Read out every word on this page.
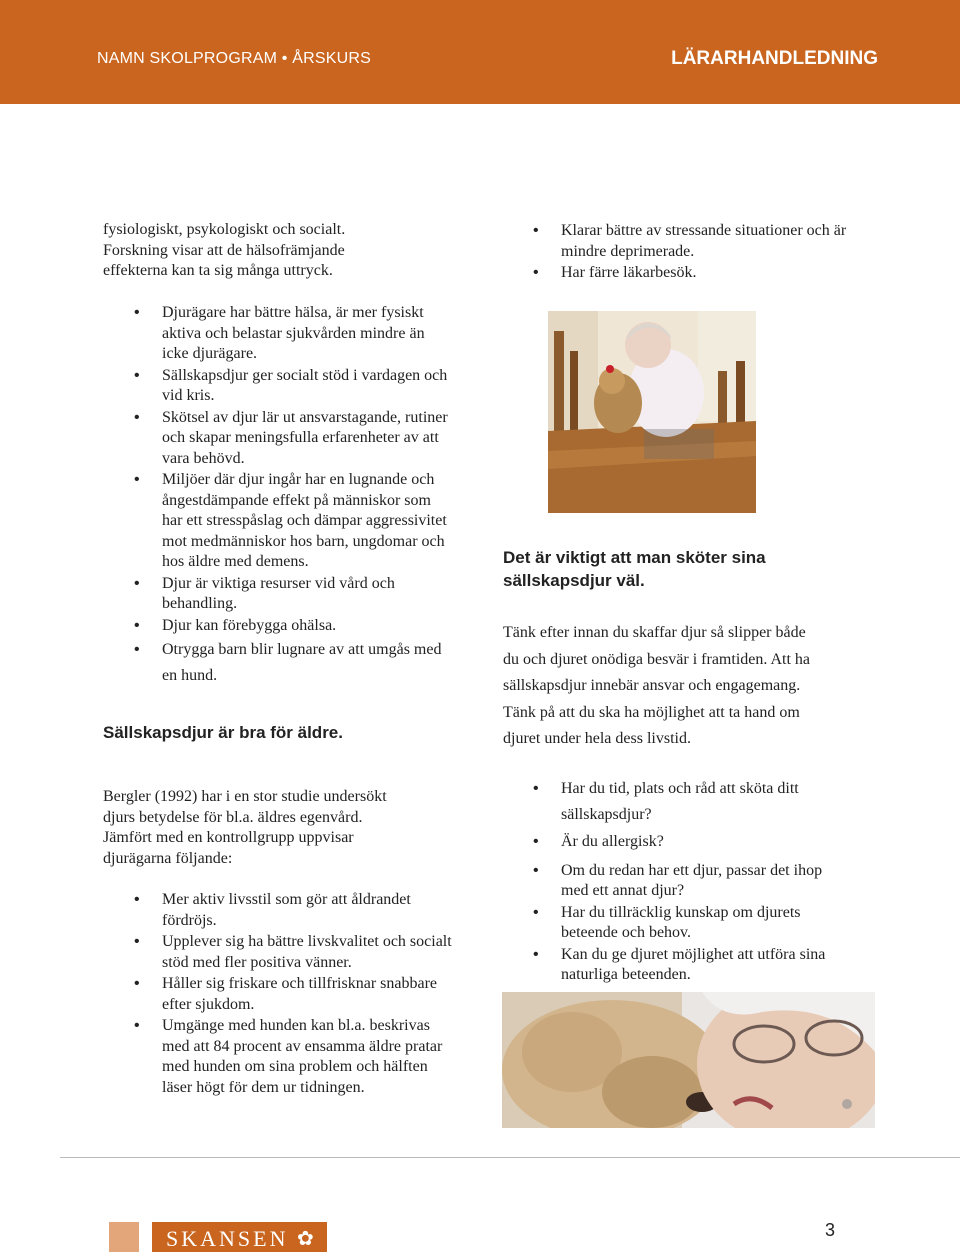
NAMN SKOLPROGRAM • ÅRSKURS	LÄRARHANDLEDNING
fysiologiskt, psykologiskt och socialt.
Forskning visar att de hälsofrämjande
effekterna kan ta sig många uttryck.
• Djurägare har bättre hälsa, är mer fysiskt aktiva och belastar sjukvården mindre än icke djurägare.
• Sällskapsdjur ger socialt stöd i vardagen och vid kris.
• Skötsel av djur lär ut ansvarstagande, rutiner och skapar meningsfulla erfarenheter av att vara behövd.
• Miljöer där djur ingår har en lugnande och ångestdämpande effekt på människor som har ett stresspåslag och dämpar aggressivitet mot medmänniskor hos barn, ungdomar och hos äldre med demens.
• Djur är viktiga resurser vid vård och behandling.
• Djur kan förebygga ohälsa.
• Otrygga barn blir lugnare av att umgås med en hund.
Sällskapsdjur är bra för äldre.
Bergler (1992) har i en stor studie undersökt
djurs betydelse för bl.a. äldres egenvård.
Jämfört med en kontrollgrupp uppvisar
djurägarna följande:
• Mer aktiv livsstil som gör att åldrandet fördröjs.
• Upplever sig ha bättre livskvalitet och socialt stöd med fler positiva vänner.
• Håller sig friskare och tillfrisknar snabbare efter sjukdom.
• Umgänge med hunden kan bl.a. beskrivas med att 84 procent av ensamma äldre pratar med hunden om sina problem och hälften läser högt för dem ur tidningen.
• Klarar bättre av stressande situationer och är mindre deprimerade.
• Har färre läkarbesök.
Det är viktigt att man sköter sina
sällskapsdjur väl.
Tänk efter innan du skaffar djur så slipper både
du och djuret onödiga besvär i framtiden. Att ha
sällskapsdjur innebär ansvar och engagemang.
Tänk på att du ska ha möjlighet att ta hand om
djuret under hela dess livstid.
• Har du tid, plats och råd att sköta ditt sällskapsdjur?
• Är du allergisk?
• Om du redan har ett djur, passar det ihop med ett annat djur?
• Har du tillräcklig kunskap om djurets beteende och behov.
• Kan du ge djuret möjlighet att utföra sina naturliga beteenden.
SKANSEN ✿	3
